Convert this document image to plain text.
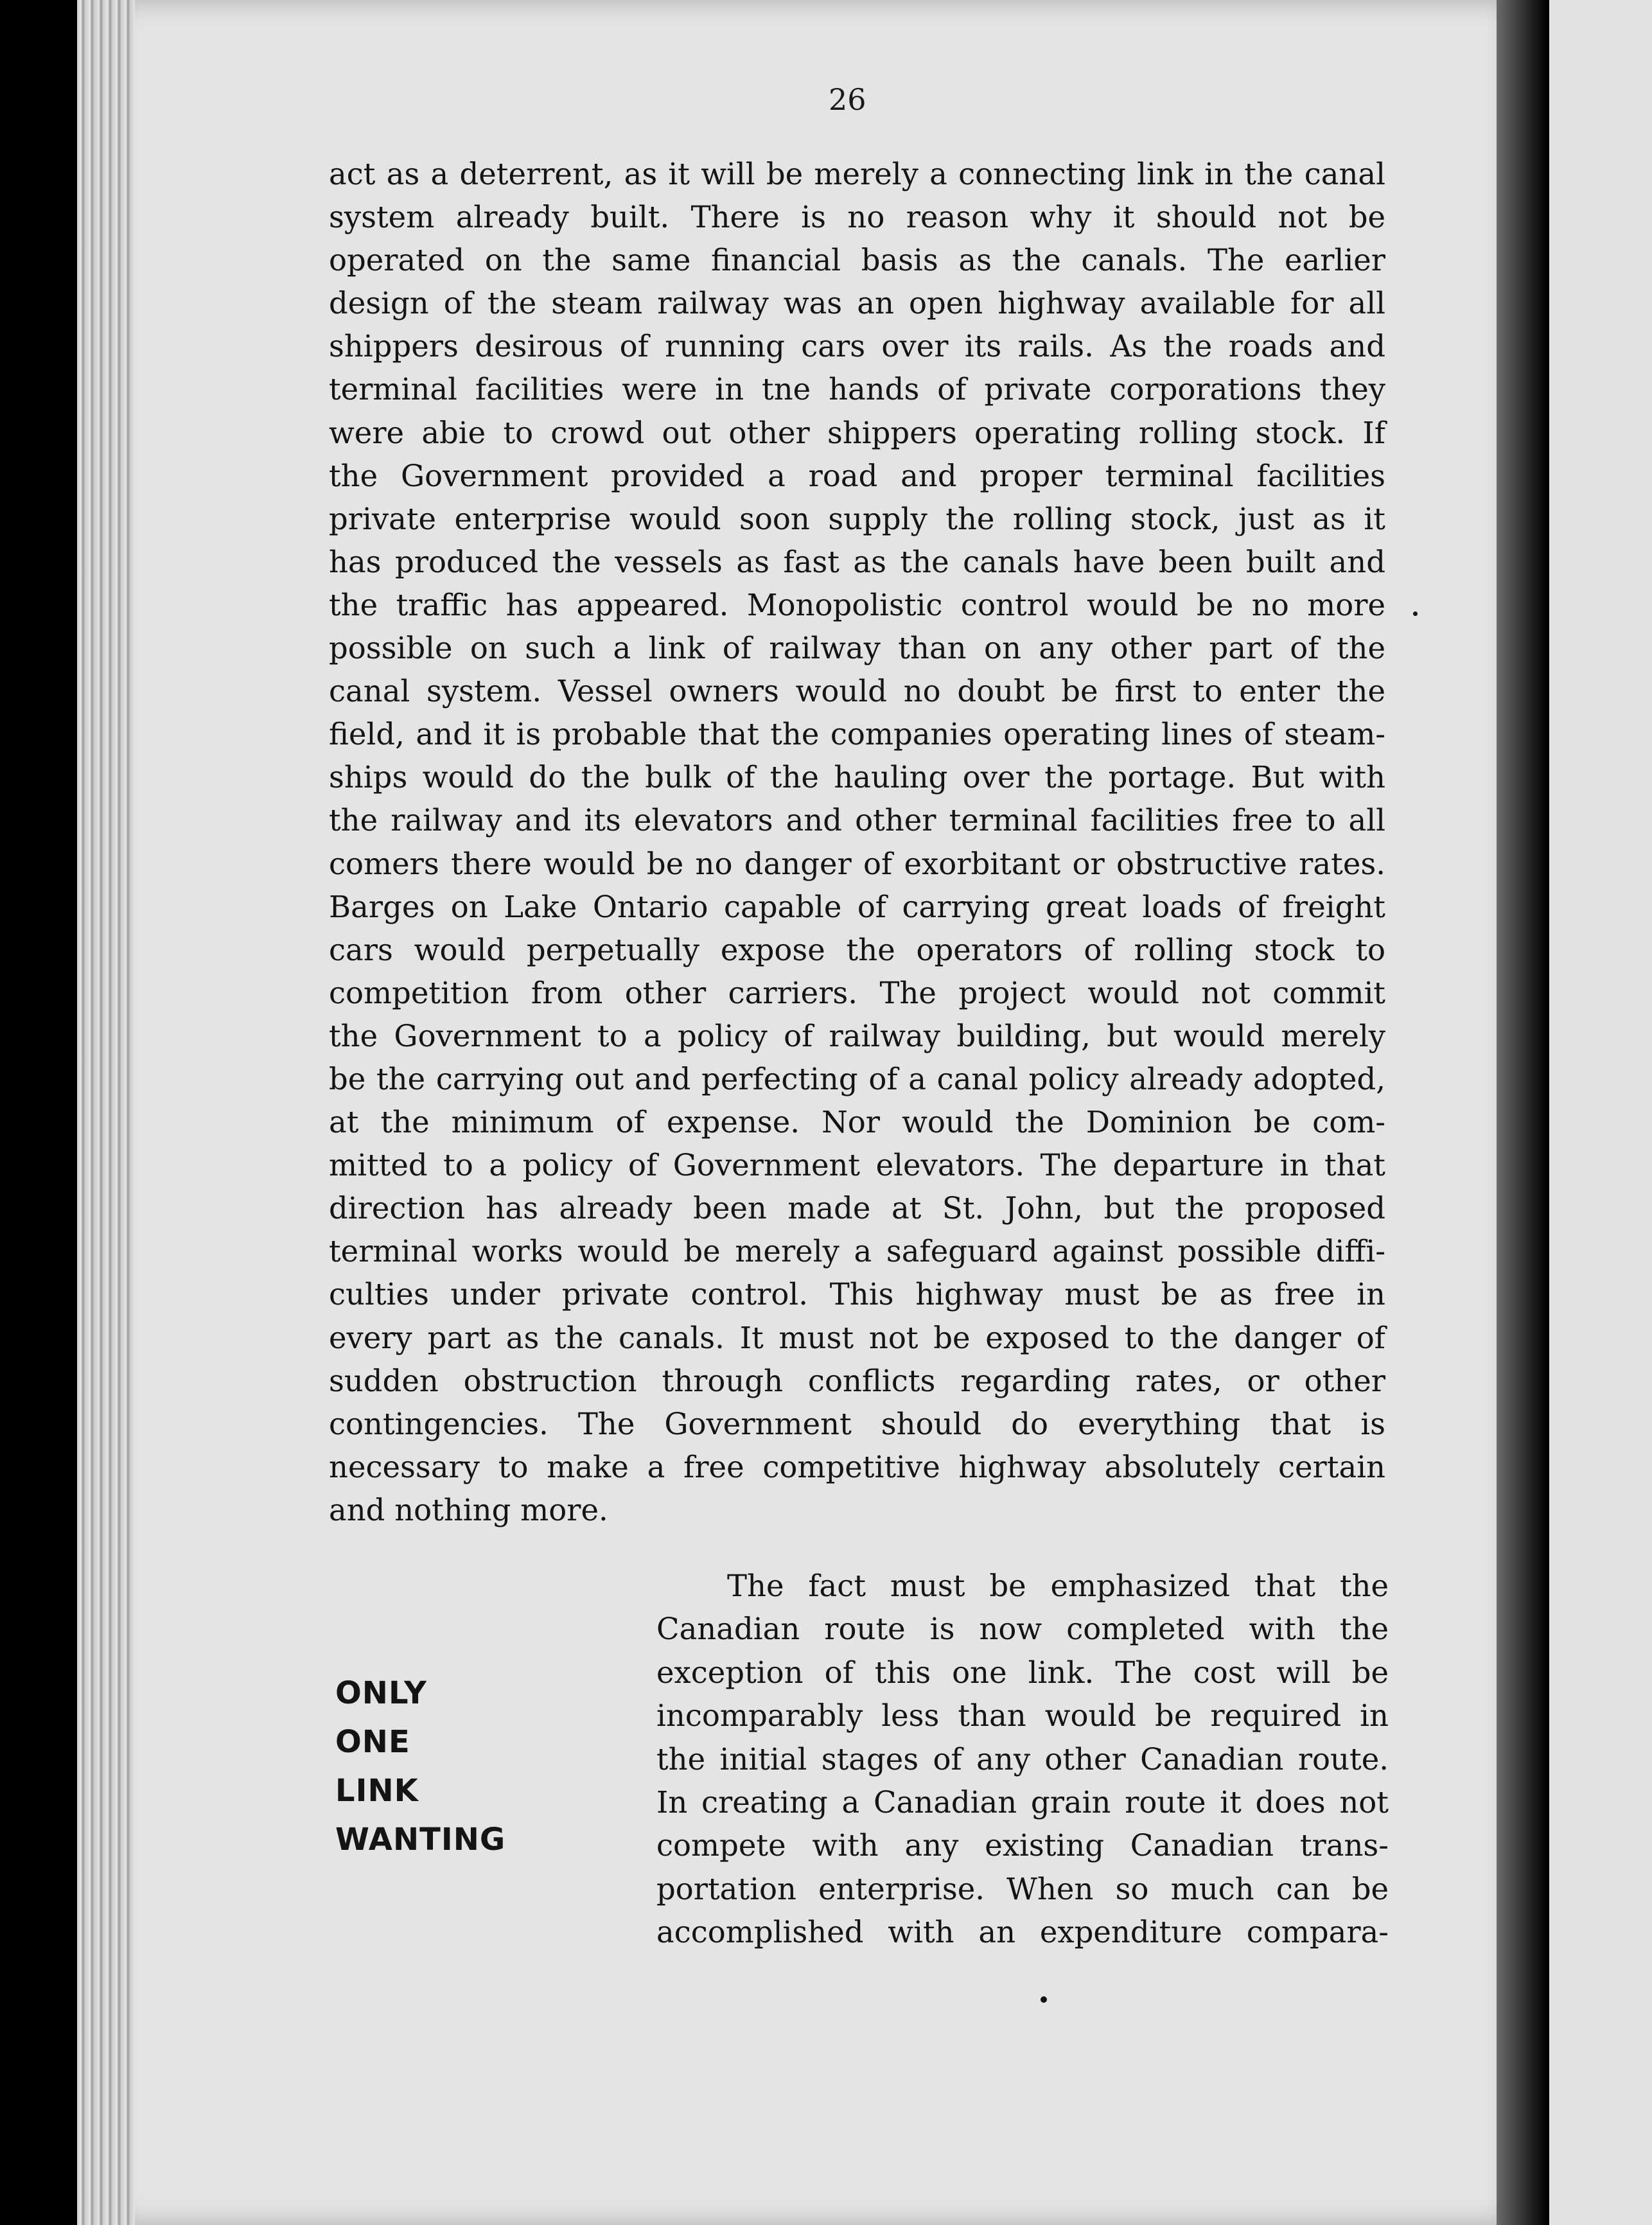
26
act as a deterrent, as it will be merely a connecting link in the canal
system already built. There is no reason why it should not be
operated on the same financial basis as the canals. The earlier
design of the steam railway was an open highway available for all
shippers desirous of running cars over its rails. As the roads and
terminal facilities were in tne hands of private corporations they
were abie to crowd out other shippers operating rolling stock. If
the Government provided a road and proper terminal facilities
private enterprise would soon supply the rolling stock, just as it
has produced the vessels as fast as the canals have been built and
the traffic has appeared. Monopolistic control would be no more
possible on such a link of railway than on any other part of the
canal system. Vessel owners would no doubt be first to enter the
field, and it is probable that the companies operating lines of steam-
ships would do the bulk of the hauling over the portage. But with
the railway and its elevators and other terminal facilities free to all
comers there would be no danger of exorbitant or obstructive rates.
Barges on Lake Ontario capable of carrying great loads of freight
cars would perpetually expose the operators of rolling stock to
competition from other carriers. The project would not commit
the Government to a policy of railway building, but would merely
be the carrying out and perfecting of a canal policy already adopted,
at the minimum of expense. Nor would the Dominion be com-
mitted to a policy of Government elevators. The departure in that
direction has already been made at St. John, but the proposed
terminal works would be merely a safeguard against possible diffi-
culties under private control. This highway must be as free in
every part as the canals. It must not be exposed to the danger of
sudden obstruction through conflicts regarding rates, or other
contingencies. The Government should do everything that is
necessary to make a free competitive highway absolutely certain
and nothing more.
ONLY
ONE
LINK
WANTING
The fact must be emphasized that the
Canadian route is now completed with the
exception of this one link. The cost will be
incomparably less than would be required in
the initial stages of any other Canadian route.
In creating a Canadian grain route it does not
compete with any existing Canadian trans-
portation enterprise. When so much can be
accomplished with an expenditure compara-
